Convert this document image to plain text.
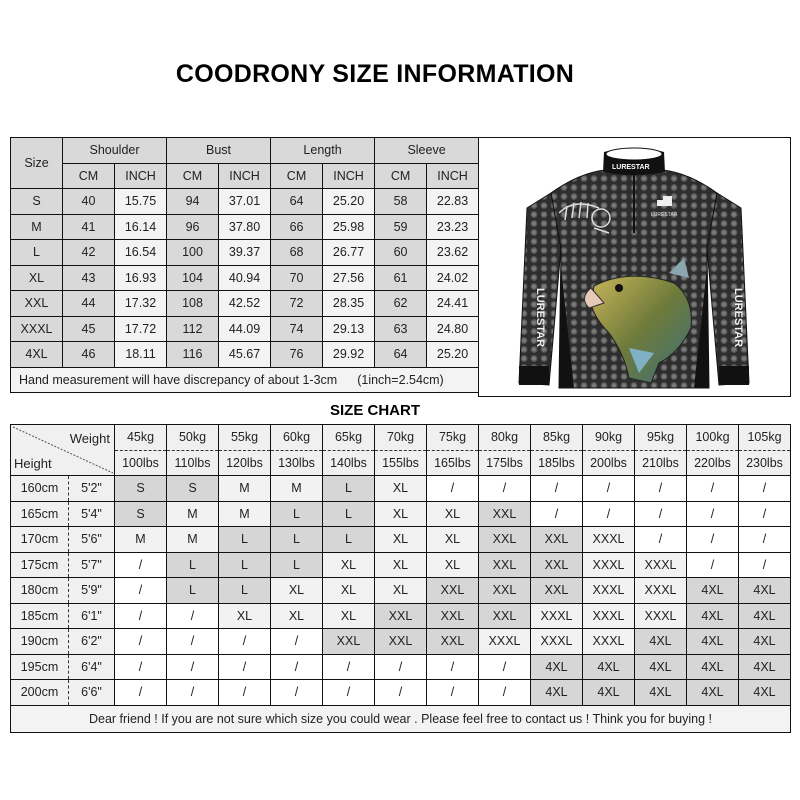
COODRONY SIZE INFORMATION
Size	Shoulder		Bust		Length		Sleeve	
	CM	INCH	CM	INCH	CM	INCH	CM	INCH
S	40	15.75	94	37.01	64	25.20	58	22.83
M	41	16.14	96	37.80	66	25.98	59	23.23
L	42	16.54	100	39.37	68	26.77	60	23.62
XL	43	16.93	104	40.94	70	27.56	61	24.02
XXL	44	17.32	108	42.52	72	28.35	62	24.41
XXXL	45	17.72	112	44.09	74	29.13	63	24.80
4XL	46	18.11	116	45.67	76	29.92	64	25.20
Hand measurement will have discrepancy of about 1-3cm (1inch=2.54cm)								
LURESTAR
LURESTAR
LURESTAR	LURESTAR
SIZE CHART
Weight
Height		45kg	50kg	55kg	60kg	65kg	70kg	75kg	80kg	85kg	90kg	95kg	100kg	105kg
		100lbs	110lbs	120lbs	130lbs	140lbs	155lbs	165lbs	175lbs	185lbs	200lbs	210lbs	220lbs	230lbs
160cm	5'2"	S	S	M	M	L	XL	/	/	/	/	/	/	/
165cm	5'4"	S	M	M	L	L	XL	XL	XXL	/	/	/	/	/
170cm	5'6"	M	M	L	L	L	XL	XL	XXL	XXL	XXXL	/	/	/
175cm	5'7"	/	L	L	L	XL	XL	XL	XXL	XXL	XXXL	XXXL	/	/
180cm	5'9"	/	L	L	XL	XL	XL	XXL	XXL	XXL	XXXL	XXXL	4XL	4XL
185cm	6'1"	/	/	XL	XL	XL	XXL	XXL	XXL	XXXL	XXXL	XXXL	4XL	4XL
190cm	6'2"	/	/	/	/	XXL	XXL	XXL	XXXL	XXXL	XXXL	4XL	4XL	4XL
195cm	6'4"	/	/	/	/	/	/	/	/	4XL	4XL	4XL	4XL	4XL
200cm	6'6"	/	/	/	/	/	/	/	/	4XL	4XL	4XL	4XL	4XL
Dear friend ! If you are not sure which size you could wear . Please feel free to contact us ! Think you for buying !														
